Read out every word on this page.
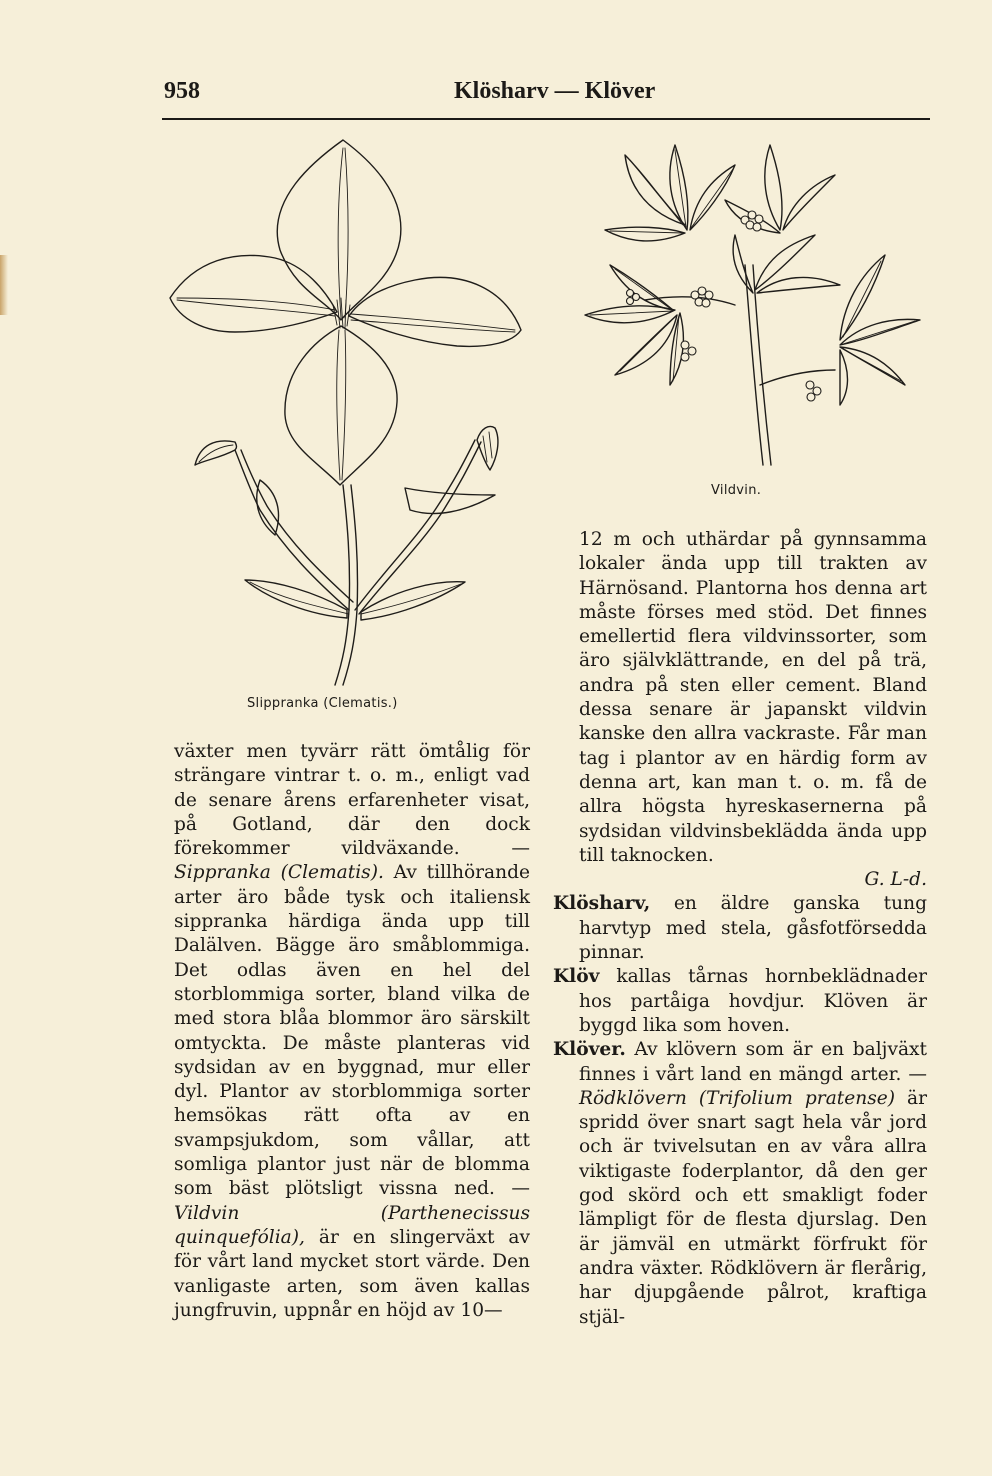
958	Klösharv — Klöver
Slippranka (Clematis.)
Vildvin.

växter men tyvärr rätt ömtålig för strängare vintrar t. o. m., enligt vad de senare årens erfarenheter visat, på Gotland, där den dock förekommer vildväxande. — Sippranka (Clematis). Av tillhörande arter äro både tysk och italiensk sippranka härdiga ända upp till Dalälven. Bägge äro småblommiga. Det odlas även en hel del storblommiga sorter, bland vilka de med stora blåa blommor äro särskilt omtyckta. De måste planteras vid sydsidan av en byggnad, mur eller dyl. Plantor av storblommiga sorter hemsökas rätt ofta av en svampsjukdom, som vållar, att somliga plantor just när de blomma som bäst plötsligt vissna ned. — Vildvin (Parthenecissus quinquefólia), är en slingerväxt av för vårt land mycket stort värde. Den vanligaste arten, som även kallas jungfruvin, uppnår en höjd av 10—

12 m och uthärdar på gynnsamma lokaler ända upp till trakten av Härnösand. Plantorna hos denna art måste förses med stöd. Det finnes emellertid flera vildvinssorter, som äro självklättrande, en del på trä, andra på sten eller cement. Bland dessa senare är japanskt vildvin kanske den allra vackraste. Får man tag i plantor av en härdig form av denna art, kan man t. o. m. få de allra högsta hyreskasernerna på sydsidan vildvinsbeklädda ända upp till taknocken.

G. L-d.

Klösharv, en äldre ganska tung harvtyp med stela, gåsfotförsedda pinnar.

Klöv kallas tårnas hornbeklädnader hos partåiga hovdjur. Klöven är byggd lika som hoven.

Klöver. Av klövern som är en baljväxt finnes i vårt land en mängd arter. — Rödklövern (Trifolium pratense) är spridd över snart sagt hela vår jord och är tvivelsutan en av våra allra viktigaste foderplantor, då den ger god skörd och ett smakligt foder lämpligt för de flesta djurslag. Den är jämväl en utmärkt förfrukt för andra växter. Rödklövern är flerårig, har djupgående pålrot, kraftiga stjäl-
